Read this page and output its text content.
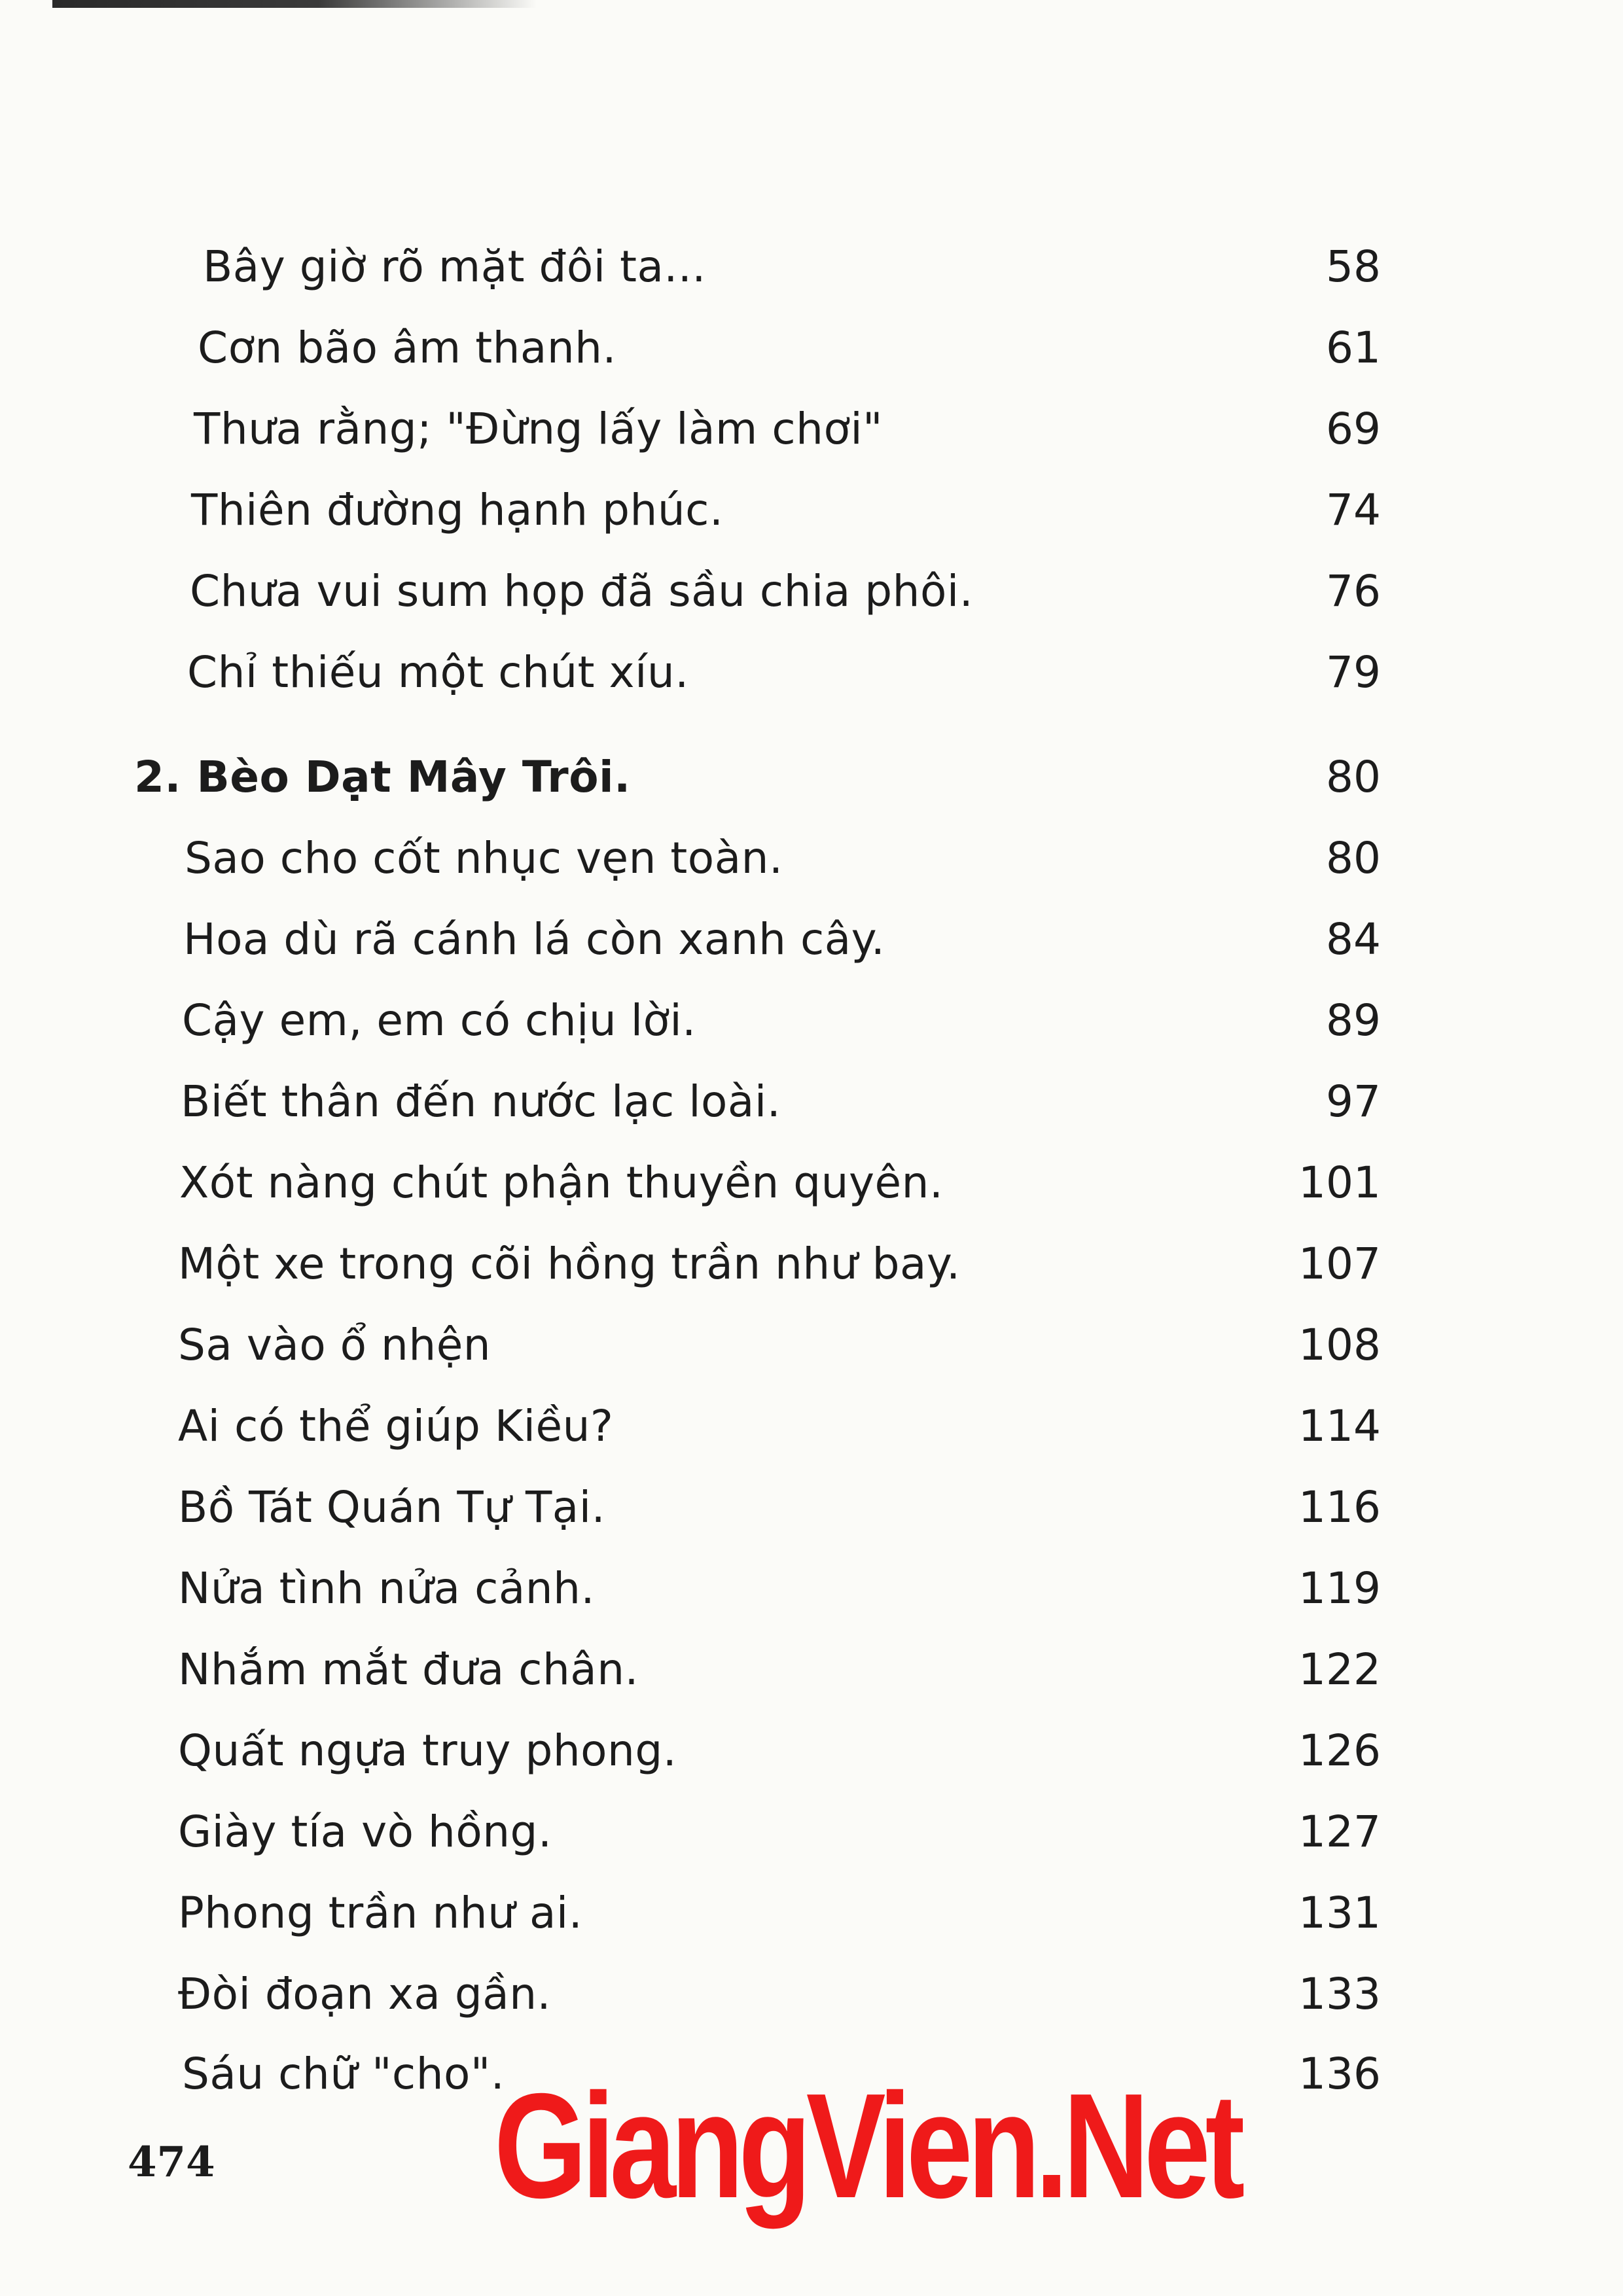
Bây giờ rõ mặt đôi ta...	58
Cơn bão âm thanh.	61
Thưa rằng; "Đừng lấy làm chơi"	69
Thiên đường hạnh phúc.	74
Chưa vui sum họp đã sầu chia phôi.	76
Chỉ thiếu một chút xíu.	79
2. Bèo Dạt Mây Trôi.	80
Sao cho cốt nhục vẹn toàn.	80
Hoa dù rã cánh lá còn xanh cây.	84
Cậy em, em có chịu lời.	89
Biết thân đến nước lạc loài.	97
Xót nàng chút phận thuyền quyên.	101
Một xe trong cõi hồng trần như bay.	107
Sa vào ổ nhện	108
Ai có thể giúp Kiều?	114
Bồ Tát Quán Tự Tại.	116
Nửa tình nửa cảnh.	119
Nhắm mắt đưa chân.	122
Quất ngựa truy phong.	126
Giày tía vò hồng.	127
Phong trần như ai.	131
Đòi đoạn xa gần.	133
Sáu chữ "cho".	136
474 GiangVien.Net
